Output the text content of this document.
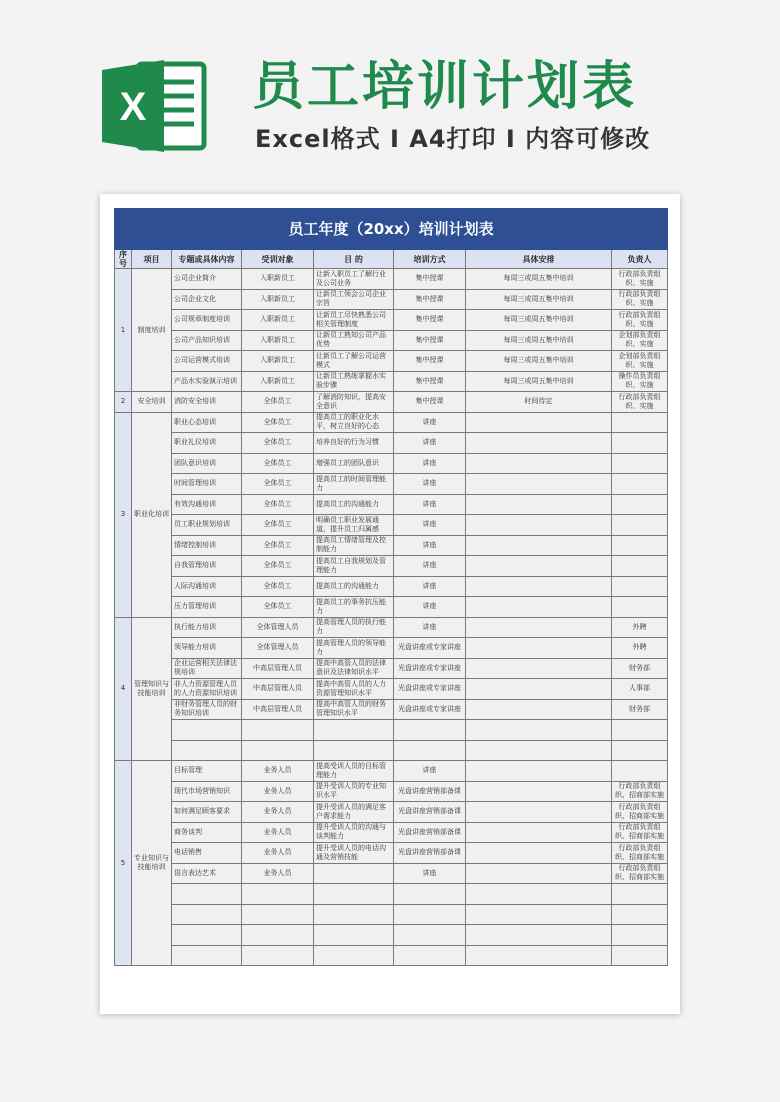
X 员工培训计划表

Excel格式 I A4打印 I 内容可修改

员工年度（20xx）培训计划表							
序号	项目	专题或具体内容	受训对象	目 的	培训方式	具体安排	负责人
1	制度培训	公司企业简介	入职新员工	让新入职员工了解行业及公司业务	集中授课	每周三或周五集中培训	行政部负责组织、实施
		公司企业文化	入职新员工	让新员工领会公司企业宗旨	集中授课	每周三或周五集中培训	行政部负责组织、实施
		公司规章制度培训	入职新员工	让新员工尽快熟悉公司相关管理制度	集中授课	每周三或周五集中培训	行政部负责组织、实施
		公司产品知识培训	入职新员工	让新员工熟知公司产品优势	集中授课	每周三或周五集中培训	企划部负责组织、实施
		公司运营模式培训	入职新员工	让新员工了解公司运营模式	集中授课	每周三或周五集中培训	企划部负责组织、实施
		产品水实验演示培训	入职新员工	让新员工熟练掌握水实验步骤	集中授课	每周三或周五集中培训	操作员负责组织、实施
2	安全培训	消防安全培训	全体员工	了解消防知识，提高安全意识	集中授课	时间待定	行政部负责组织、实施
3	职业化培训	职业心态培训	全体员工	提高员工的职业化水平，树立良好的心态	讲座		
		职业礼仪培训	全体员工	培养良好的行为习惯	讲座		
		团队意识培训	全体员工	增强员工的团队意识	讲座		
		时间管理培训	全体员工	提高员工的时间管理能力	讲座		
		有效沟通培训	全体员工	提高员工的沟通能力	讲座		
		员工职业规划培训	全体员工	明确员工职业发展通道，提升员工归属感	讲座		
		情绪控制培训	全体员工	提高员工情绪管理及控制能力	讲座		
		自我管理培训	全体员工	提高员工自我规划及管理能力	讲座		
		人际沟通培训	全体员工	提高员工的沟通能力	讲座		
		压力管理培训	全体员工	提高员工的事务抗压能力	讲座		
4	管理知识与技能培训	执行能力培训	全体管理人员	提高管理人员的执行能力	讲座		外聘
		领导能力培训	全体管理人员	提高管理人员的领导能力	光盘讲座或专家讲座		外聘
		企业运营相关法律法规培训	中高层管理人员	提高中高管人员的法律意识及法律知识水平	光盘讲座或专家讲座		财务部
		非人力资源管理人员的人力资源知识培训	中高层管理人员	提高中高管人员的人力资源管理知识水平	光盘讲座或专家讲座		人事部
		非财务管理人员的财务知识培训	中高层管理人员	提高中高管人员的财务管理知识水平	光盘讲座或专家讲座		财务部

5	专业知识与技能培训	目标管理	业务人员	提高受训人员的目标管理能力	讲座		
		现代市场营销知识	业务人员	提升受训人员的专业知识水平	光盘讲座营销部备课		行政部负责组织、招商部实施
		如何满足顾客要求	业务人员	提升受训人员的满足客户需求能力	光盘讲座营销部备课		行政部负责组织、招商部实施
		商务谈判	业务人员	提升受训人员的沟通与谈判能力	光盘讲座营销部备课		行政部负责组织、招商部实施
		电话销售	业务人员	提升受训人员的电话沟通及营销技能	光盘讲座营销部备课		行政部负责组织、招商部实施
		语言表达艺术	业务人员		讲座		行政部负责组织、招商部实施
